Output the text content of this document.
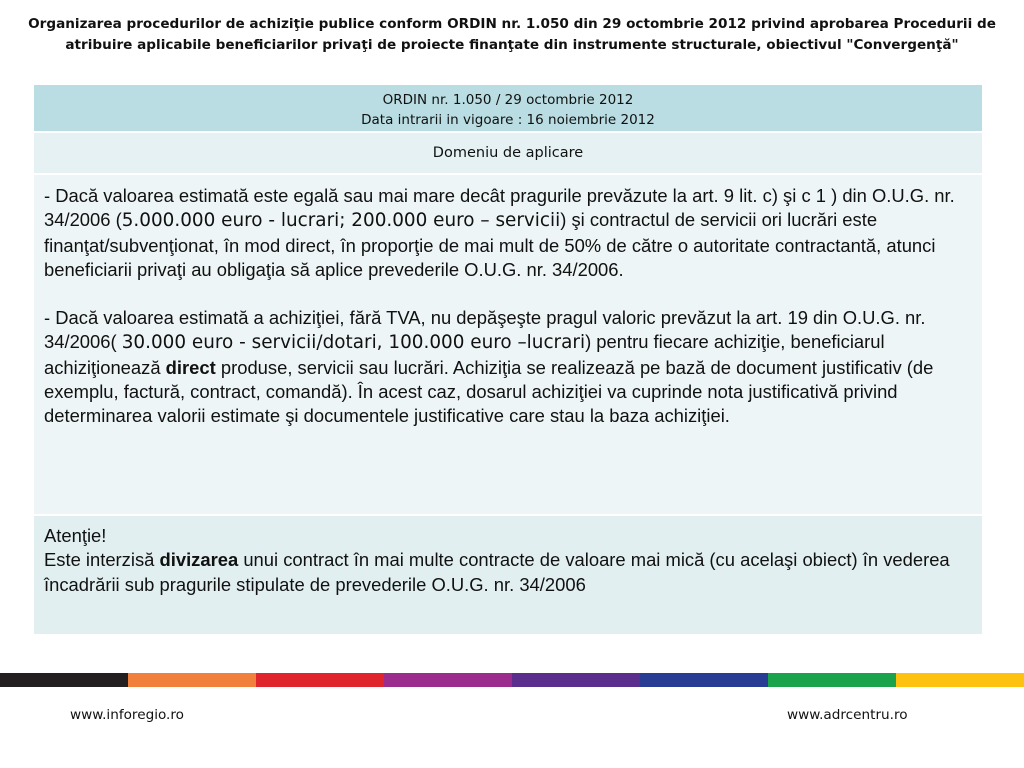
Organizarea procedurilor de achiziţie publice conform ORDIN nr. 1.050 din 29 octombrie 2012 privind aprobarea Procedurii de atribuire aplicabile beneficiarilor privaţi de proiecte finanţate din instrumente structurale, obiectivul "Convergenţă"
ORDIN nr. 1.050 / 29 octombrie 2012
Data intrarii in vigoare : 16 noiembrie 2012
Domeniu de aplicare

- Dacă valoarea estimată este egală sau mai mare decât pragurile prevăzute la art. 9 lit. c) şi c 1 ) din O.U.G. nr. 34/2006 (5.000.000 euro - lucrari; 200.000 euro – servicii) şi contractul de servicii ori lucrări este finanţat/subvenţionat, în mod direct, în proporţie de mai mult de 50% de către o autoritate contractantă, atunci beneficiarii privaţi au obligaţia să aplice prevederile O.U.G. nr. 34/2006.

- Dacă valoarea estimată a achiziţiei, fără TVA, nu depăşeşte pragul valoric prevăzut la art. 19 din O.U.G. nr. 34/2006( 30.000 euro - servicii/dotari, 100.000 euro –lucrari) pentru fiecare achiziţie, beneficiarul achiziţionează direct produse, servicii sau lucrări. Achiziţia se realizează pe bază de document justificativ (de exemplu, factură, contract, comandă). În acest caz, dosarul achiziţiei va cuprinde nota justificativă privind determinarea valorii estimate şi documentele justificative care stau la baza achiziţiei.

Atenţie!
Este interzisă divizarea unui contract în mai multe contracte de valoare mai mică (cu acelaşi obiect) în vederea încadrării sub pragurile stipulate de prevederile O.U.G. nr. 34/2006
www.inforegio.ro	www.adrcentru.ro
